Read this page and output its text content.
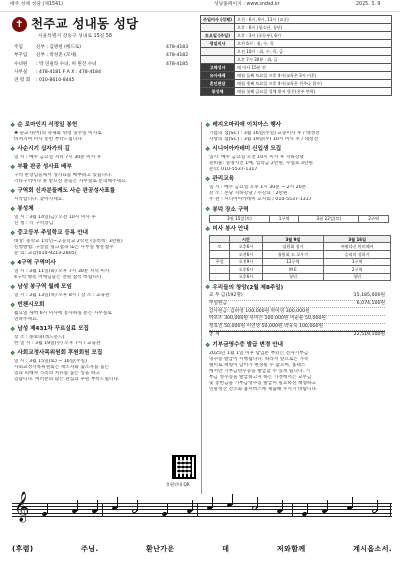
매주 성체 성당 (제1541)	성당홈페이지 : www.sndsd.kr	2025. 3. 9
✝ 천주교 성내동 성당
서울특별시 강동구 성내로 15길 58
주임	신부 : 김병헌 (베드로)	478-4183
부주임 신부 : 박성준 (모세)	478-4182
수녀원 : 박 연필라 수녀, 허 원진 수녀	478-4185
사무실 : 478-4181 F A X : 478-4184
연 령 회 : 010-8610-8445
주일미사 (성체)	오전 : 6시, 9시, 11시 (교중)
	오후 : 6시 (청소년, 청년)
토요일 (주일)	오후 : 3시 (초등부), 6시
평일미사	오전 6시 : 월, 수, 목
	오전 10시 : 화, 수, 목, 금
	오후 7시 30분 : 화, 금
고해성사	매 미사 15분 전
유아세례	매월 둘째 토요일 오후 4시(교육은 3시 이후)
혼인면담	매월 셋째 토요일 오후 4시(교육은 전주나 접수)
봉성체	매월 첫째 금요일 성체 환자 방문(전주 연락)
❖ 순 로마인지 서정일 봉헌
♣ 순교자(어)의 축제와 위령 일주일 미사로
바쳐지며 미사 봉헌 부탁드립니다.
❖ 사순시기 십자가의 길
일 시 : 매주 금요일 저녁 7시 30분 미사 후
❖ 부활 판공 성사표 배부
구역 반장님들께서 성사표를 배부하고 있습니다.
기타구역이나 못 받으신 분들은 사무실로 문의해주세요.
❖ 구역회 신자분들께도 사순 판공성사표를
시작합니다. 찾아가세요.
❖ 봉성체
일 시 : 3월 14일(금) 오전 10시 미사 후
신 청 : 각 구역장님
❖ 중고등부 주일학교 등록 안내
대상: 중학교 1학년~고등학교 2학년 (동록비: 3만원)
신청방법: 구글폼 링크접속 또는 사무실 방문접수
문 의: 교감(010-9213-2805)
❖ 4구역 구역미사
일 시 : 3월 11일(화) 오후 7시 30분 저녁 미사
4구역 행복 어깨님들은 전원 참석 바랍니다.
❖ 남성 봉구역 월례 모임
일 시 : 3월 13일(목) 오후 8시 / 장 소 : 교육관
❖ 빈첸시오회
월요일 새벽 6시 미사에 봉사하실 분은 사무실로
연락주세요.
❖ 남성 제431차 꾸르실료 모집
장 소 : 몽보내(레드문드)
한 일 시 : 3월 19일(수) 오후 7시 / 교육관
❖ 사회교정사목위원회 후원회원 모집
일 시 : 3월 15일(토) ~ 16일(주일)
사회교정사목위원회는 재소자와 출소자를 돕는
일과 피해자 가족의 치유를 돕는 일을 하고
있습니다. 여러분의 많은 관심과 후원 부탁드립니다.
후원안내 QR
❖ 레지오마리애 이치아스 행사
기쁨의 샘(Ss.) : 3월 16일(주일) 교중미사 후 / 대성전
사랑의 샘(Ss.) : 3월 19일(수) 10시 미사 후 / 대성전
❖ 시니어아카데미 신입생 모집
일시: 매주 금요일 오전 10시 미사 후 지하강당
준비물: 증명사진 1매, 입학금 2만원, 수업료 3만원
문의: 010-5537-1317
❖ 관리교육
일 시 : 매주 금요일 오후 1시 30분 ~ 2시 20분
강 소 : 본당 지하강당 / 수강료 : 2만원
주 관 : 시니어아카데미 교시회 / 010-5537-1317
❖ 봉덕 장소 구역
3월 15일(토)	1구역	3월 22일(토)	2구역
❖ 미사 봉사 안내
	시간	3월 9일	3월 16일
토	오후6시	임원회 성가	여왕다신 아미해서
	오전6시	율원회 드 로우가	승리의 성하기
주일	오전9시	12구역	1구역
	오후6시	M E	2구역
	오후6시	청년	청년
❖ 우리들의 창앙(2월 제8주일)
교 무 금(192명)	15,185,000원
주일헌금	6,074,100원
감사헌금: 김하영 100,000원 박미영 300,000원
박포조 300,000원 유미은 100,000원 이순운 50,000원
정효진 50,000원 이연영 50,000원 박규숙 100,000원
총 계	22,519,100원
❖ 기부금영수증 발급 변경 안내
2025년 1월 1일 이후 납입분 부터는 전자기부금
영수증 발급이 시행됩니다. 따라서 앞으로는 가족
별이로 책형이 남이가 변경될 수 없으며, 홈택스
에서만 기부금영수증을 발급할 수 있게 됩니다. 기
부금 영수증을 발급하고자 하는 가정에서는 교무금
및 봉헌금을 기부금영수증 발급이 필요하신 책형하고
연말정산 간소화 홈서비스에 제출해 주시기 바랍니다.
𝄞
(후렴)	주님.	환난가운	데	저와함께	계시옵소서.
